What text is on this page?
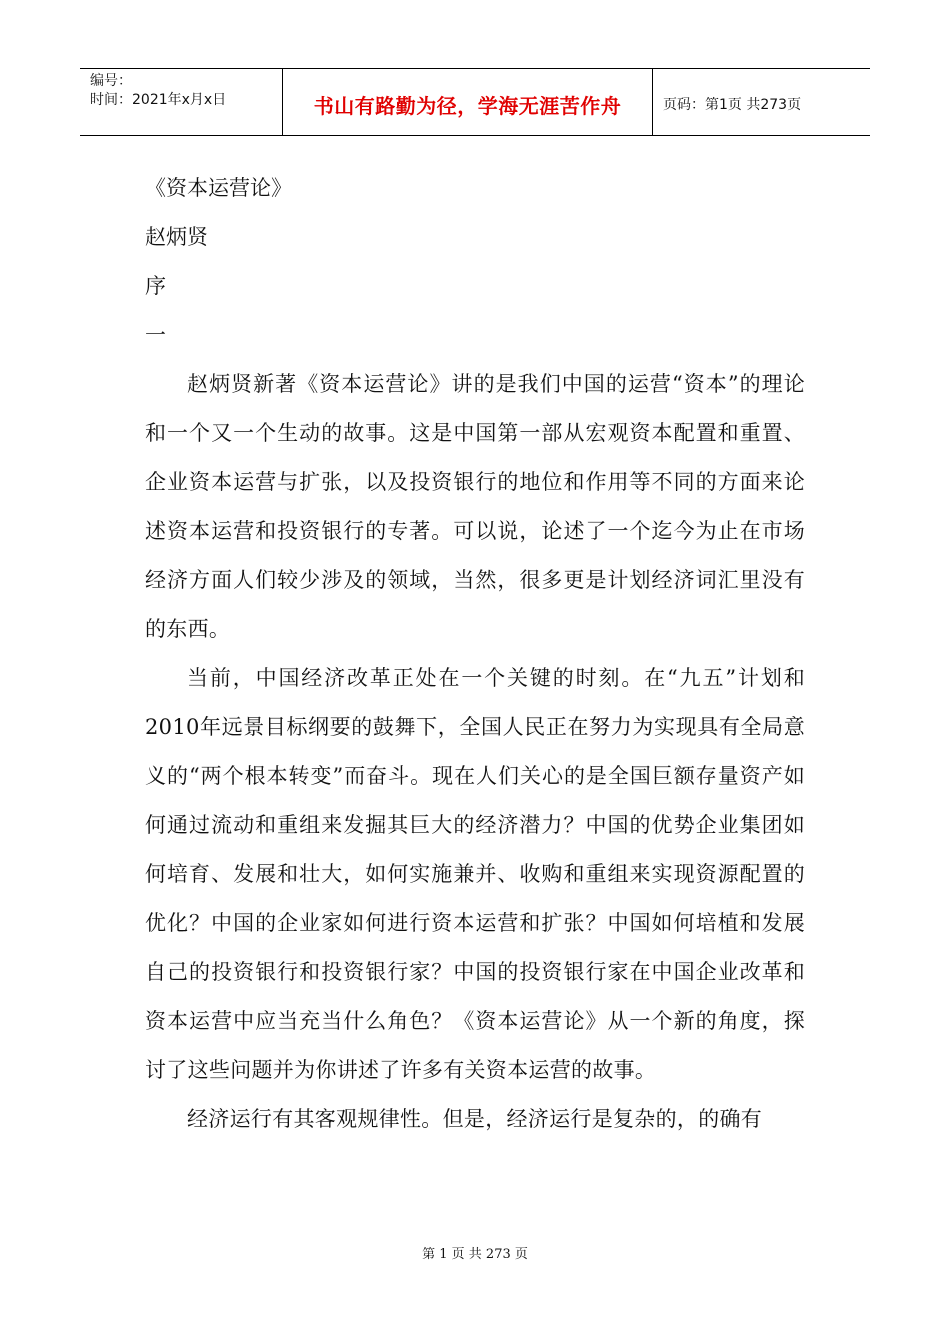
编号：
时间：2021年x月x日	书山有路勤为径，学海无涯苦作舟	页码：第1页 共273页
《资本运营论》
赵炳贤
序
一

赵炳贤新著《资本运营论》讲的是我们中国的运营“资本”的理论和一个又一个生动的故事。这是中国第一部从宏观资本配置和重置、企业资本运营与扩张，以及投资银行的地位和作用等不同的方面来论述资本运营和投资银行的专著。可以说，论述了一个迄今为止在市场经济方面人们较少涉及的领域，当然，很多更是计划经济词汇里没有的东西。

当前，中国经济改革正处在一个关键的时刻。在“九五”计划和2010年远景目标纲要的鼓舞下，全国人民正在努力为实现具有全局意义的“两个根本转变”而奋斗。现在人们关心的是全国巨额存量资产如何通过流动和重组来发掘其巨大的经济潜力？中国的优势企业集团如何培育、发展和壮大，如何实施兼并、收购和重组来实现资源配置的优化？中国的企业家如何进行资本运营和扩张？中国如何培植和发展自己的投资银行和投资银行家？中国的投资银行家在中国企业改革和资本运营中应当充当什么角色？《资本运营论》从一个新的角度，探讨了这些问题并为你讲述了许多有关资本运营的故事。

经济运行有其客观规律性。但是，经济运行是复杂的，的确有

第 1 页 共 273 页
